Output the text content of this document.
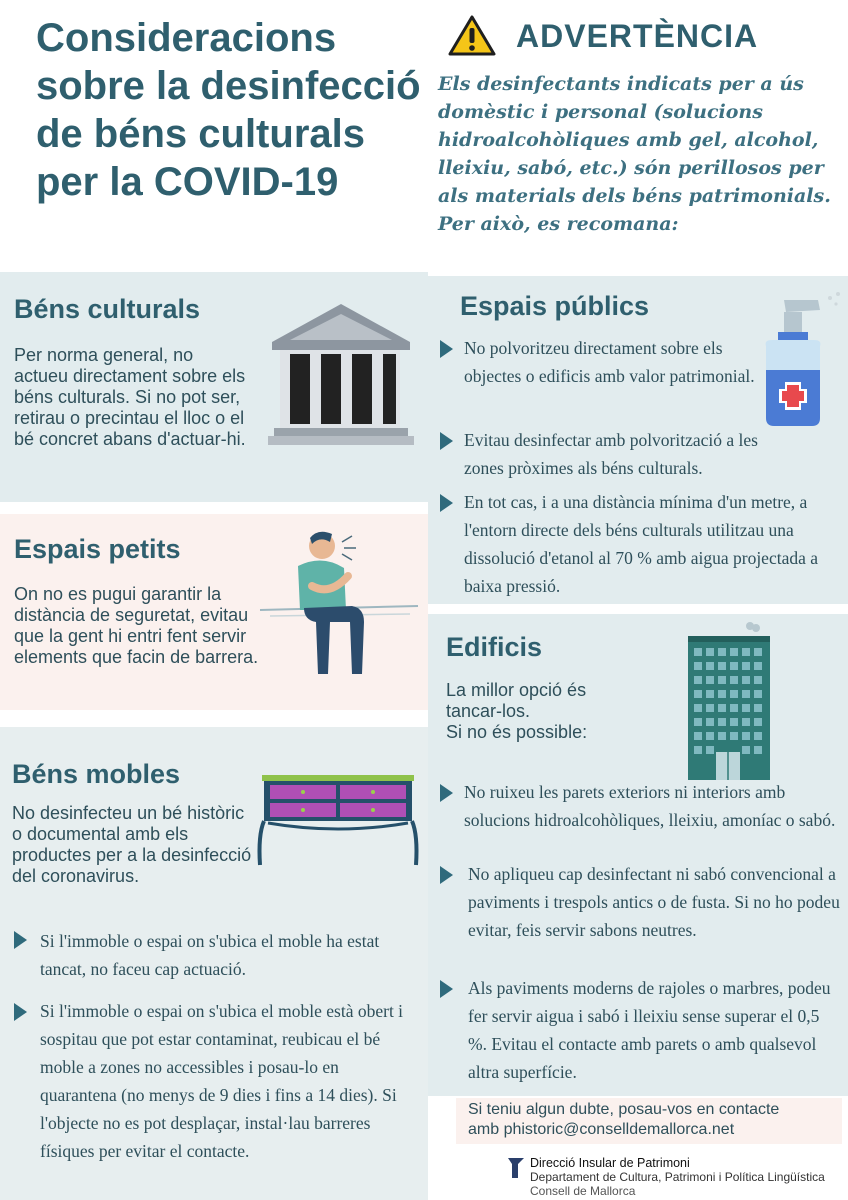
Consideracions sobre la desinfecció de béns culturals per la COVID-19
ADVERTÈNCIA
Els desinfectants indicats per a ús domèstic i personal (solucions hidroalcohòliques amb gel, alcohol, lleixiu, sabó, etc.) són perillosos per als materials dels béns patrimonials. Per això, es recomana:
Béns culturals
Per norma general, no actueu directament sobre els béns culturals. Si no pot ser, retirau o precintau el lloc o el bé concret abans d'actuar-hi.
Espais petits
On no es pugui garantir la distància de seguretat, evitau que la gent hi entri fent servir elements que facin de barrera.
Béns mobles
No desinfecteu un bé històric o documental amb els productes per a la desinfecció del coronavirus.
Si l'immoble o espai on s'ubica el moble ha estat tancat, no faceu cap actuació.
Si l'immoble o espai on s'ubica el moble està obert i sospitau que pot estar contaminat, reubicau el bé moble a zones no accessibles i posau-lo en quarantena (no menys de 9 dies i fins a 14 dies). Si l'objecte no es pot desplaçar, instal·lau barreres físiques per evitar el contacte.
Espais públics
No polvoritzeu directament sobre els objectes o edificis amb valor patrimonial.
Evitau desinfectar amb polvorització a les zones pròximes als béns culturals.
En tot cas, i a una distància mínima d'un metre, a l'entorn directe dels béns culturals utilitzau una dissolució d'etanol al 70 % amb aigua projectada a baixa pressió.
Edificis
La millor opció és
tancar-los.
Si no és possible:
No ruixeu les parets exteriors ni interiors amb solucions hidroalcohòliques, lleixiu, amoníac o sabó.
No apliqueu cap desinfectant ni sabó convencional a paviments i trespols antics o de fusta. Si no ho podeu evitar, feis servir sabons neutres.
Als paviments moderns de rajoles o marbres, podeu fer servir aigua i sabó i lleixiu sense superar el 0,5 %. Evitau el contacte amb parets o amb qualsevol altra superfície.
Si teniu algun dubte, posau-vos en contacte
amb phistoric@conselldemallorca.net
Direcció Insular de Patrimoni
Departament de Cultura, Patrimoni i Política Lingüística
Consell de Mallorca
